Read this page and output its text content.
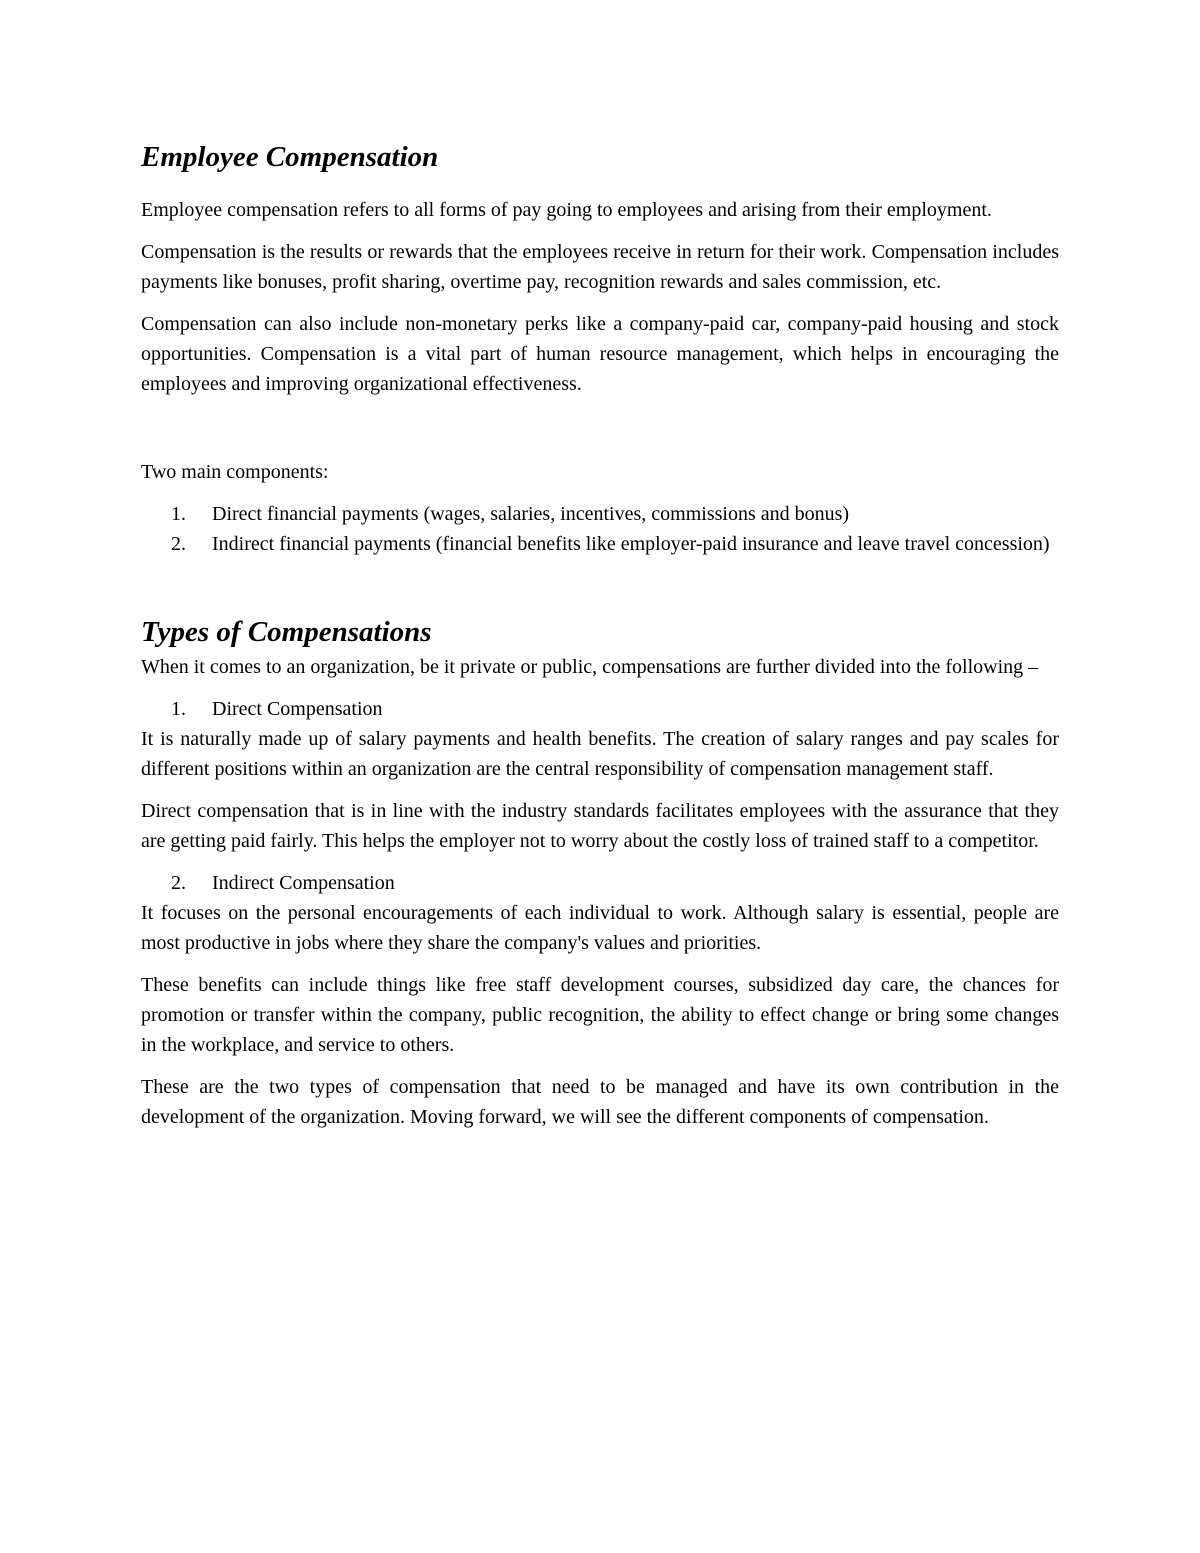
Employee Compensation

Employee compensation refers to all forms of pay going to employees and arising from their employment.

Compensation is the results or rewards that the employees receive in return for their work. Compensation includes payments like bonuses, profit sharing, overtime pay, recognition rewards and sales commission, etc.

Compensation can also include non-monetary perks like a company-paid car, company-paid housing and stock opportunities. Compensation is a vital part of human resource management, which helps in encouraging the employees and improving organizational effectiveness.

Two main components:

1.	Direct financial payments (wages, salaries, incentives, commissions and bonus)
2.	Indirect financial payments (financial benefits like employer-paid insurance and leave travel concession)
Types of Compensations

When it comes to an organization, be it private or public, compensations are further divided into the following –

1.	Direct Compensation

It is naturally made up of salary payments and health benefits. The creation of salary ranges and pay scales for different positions within an organization are the central responsibility of compensation management staff.

Direct compensation that is in line with the industry standards facilitates employees with the assurance that they are getting paid fairly. This helps the employer not to worry about the costly loss of trained staff to a competitor.

2.	Indirect Compensation

It focuses on the personal encouragements of each individual to work. Although salary is essential, people are most productive in jobs where they share the company's values and priorities.

These benefits can include things like free staff development courses, subsidized day care, the chances for promotion or transfer within the company, public recognition, the ability to effect change or bring some changes in the workplace, and service to others.

These are the two types of compensation that need to be managed and have its own contribution in the development of the organization. Moving forward, we will see the different components of compensation.
